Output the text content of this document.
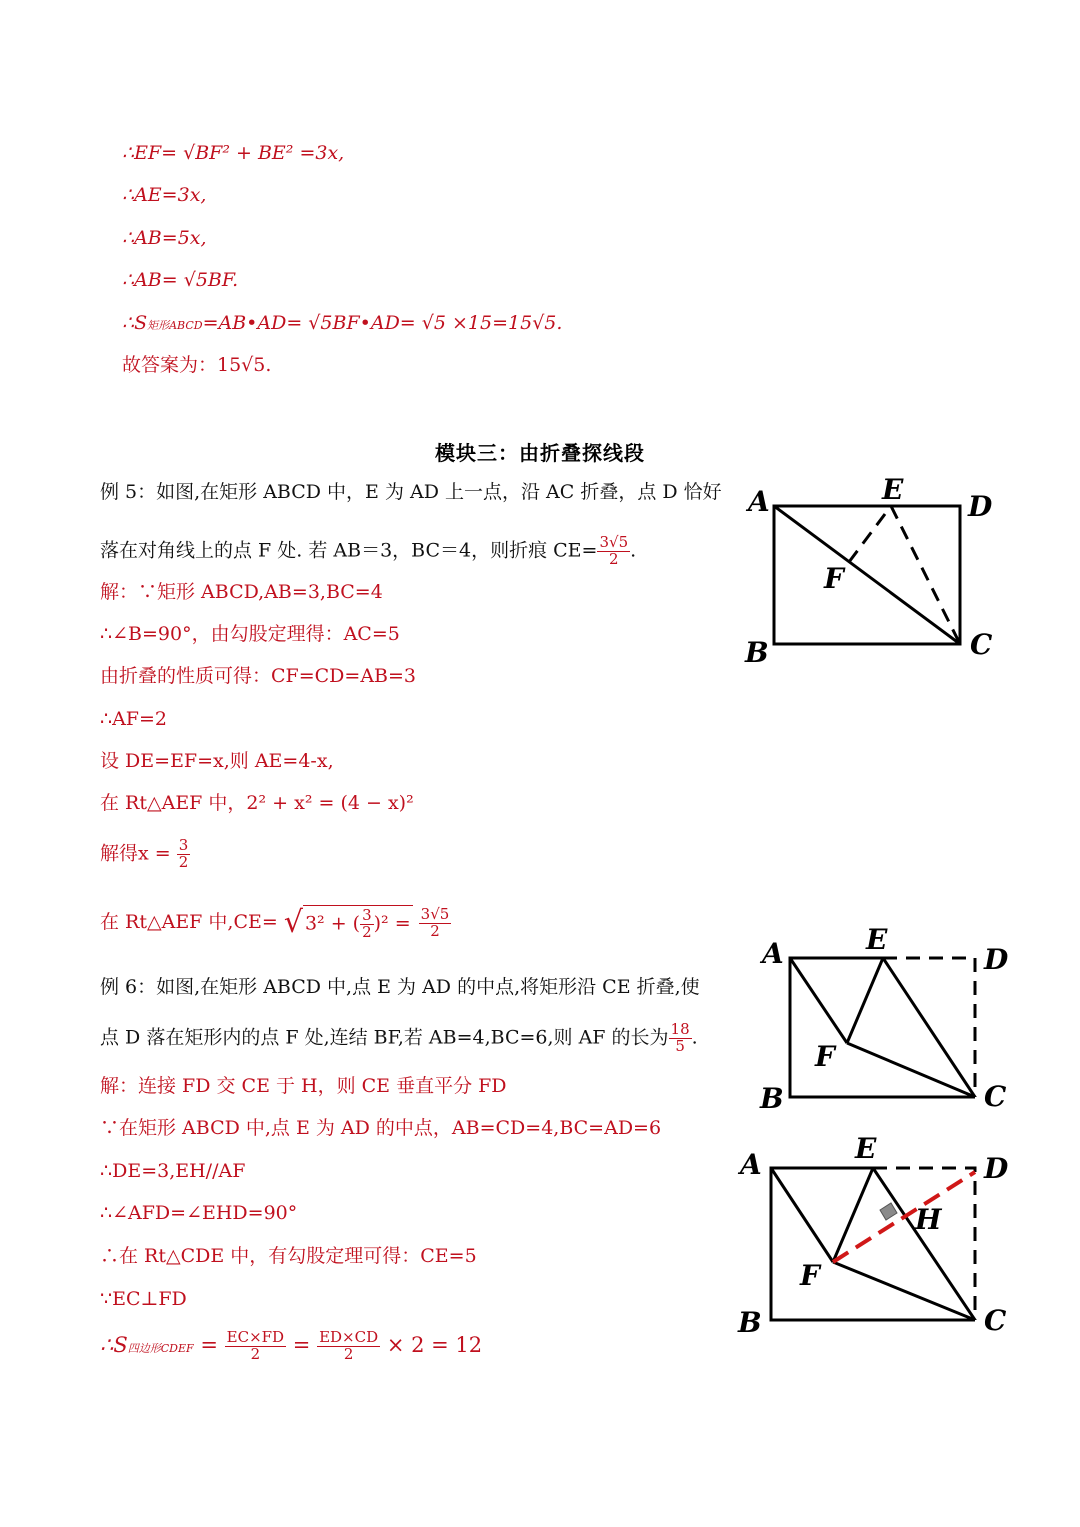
∴EF= √BF² + BE² =3x,
∴AE=3x,
∴AB=5x,
∴AB= √5BF.
∴S矩形ABCD=AB•AD= √5BF•AD= √5 ×15=15√5.
故答案为：15√5.
模块三：由折叠探线段
例 5：如图,在矩形 ABCD 中，E 为 AD 上一点，沿 AC 折叠，点 D 恰好
落在对角线上的点 F 处. 若 AB＝3，BC＝4，则折痕 $CE= \frac{3√5}{2}$ .
解：∵矩形 ABCD,AB=3,BC=4
∴∠B=90°，由勾股定理得：AC=5
由折叠的性质可得：CF=CD=AB=3
∴AF=2
设 DE=EF=x,则 AE=4-x,
在 Rt△AEF 中，2² + x² = (4 − x)²
解得$x = \frac{3}{2}$
在 Rt△AEF 中,CE= √ 3² + ( $\frac{3}{2} )^2 = \frac{3√5}{2}$
例 6：如图,在矩形 ABCD 中,点 E 为 AD 的中点,将矩形沿 CE 折叠,使
点 D 落在矩形内的点 F 处,连结 BF,若 AB=4,BC=6,则 AF 的长为 $\frac{18}{5}$ .
解：连接 FD 交 CE 于 H，则 CE 垂直平分 FD
∵在矩形 ABCD 中,点 E 为 AD 的中点，AB=CD=4,BC=AD=6
∴DE=3,EH//AF
∴∠AFD=∠EHD=90°
∴在 Rt△CDE 中，有勾股定理可得：CE=5
∵EC⊥FD
∴S四边形CDEF = $\frac{EC\times FD}{2} = \frac{ED\times CD}{2} \times 2 = 12$
A	E
D
F
B	C
A	E
D
F
B	C
A	E
D
H
F
B	C
